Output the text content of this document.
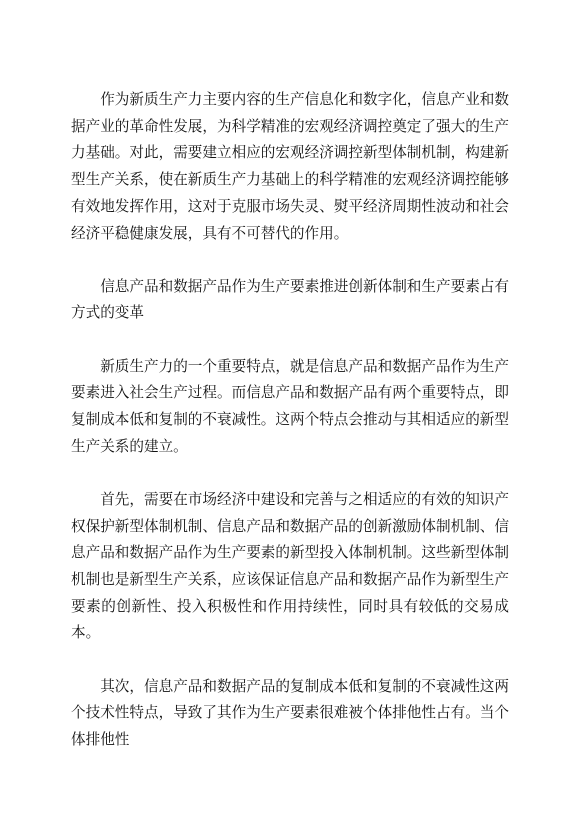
作为新质生产力主要内容的生产信息化和数字化，信息产业和数据产业的革命性发展，为科学精准的宏观经济调控奠定了强大的生产力基础。对此，需要建立相应的宏观经济调控新型体制机制，构建新型生产关系，使在新质生产力基础上的科学精准的宏观经济调控能够有效地发挥作用，这对于克服市场失灵、熨平经济周期性波动和社会经济平稳健康发展，具有不可替代的作用。

信息产品和数据产品作为生产要素推进创新体制和生产要素占有方式的变革

新质生产力的一个重要特点，就是信息产品和数据产品作为生产要素进入社会生产过程。而信息产品和数据产品有两个重要特点，即复制成本低和复制的不衰减性。这两个特点会推动与其相适应的新型生产关系的建立。

首先，需要在市场经济中建设和完善与之相适应的有效的知识产权保护新型体制机制、信息产品和数据产品的创新激励体制机制、信息产品和数据产品作为生产要素的新型投入体制机制。这些新型体制机制也是新型生产关系，应该保证信息产品和数据产品作为新型生产要素的创新性、投入积极性和作用持续性，同时具有较低的交易成本。

其次，信息产品和数据产品的复制成本低和复制的不衰减性这两个技术性特点，导致了其作为生产要素很难被个体排他性占有。当个体排他性
